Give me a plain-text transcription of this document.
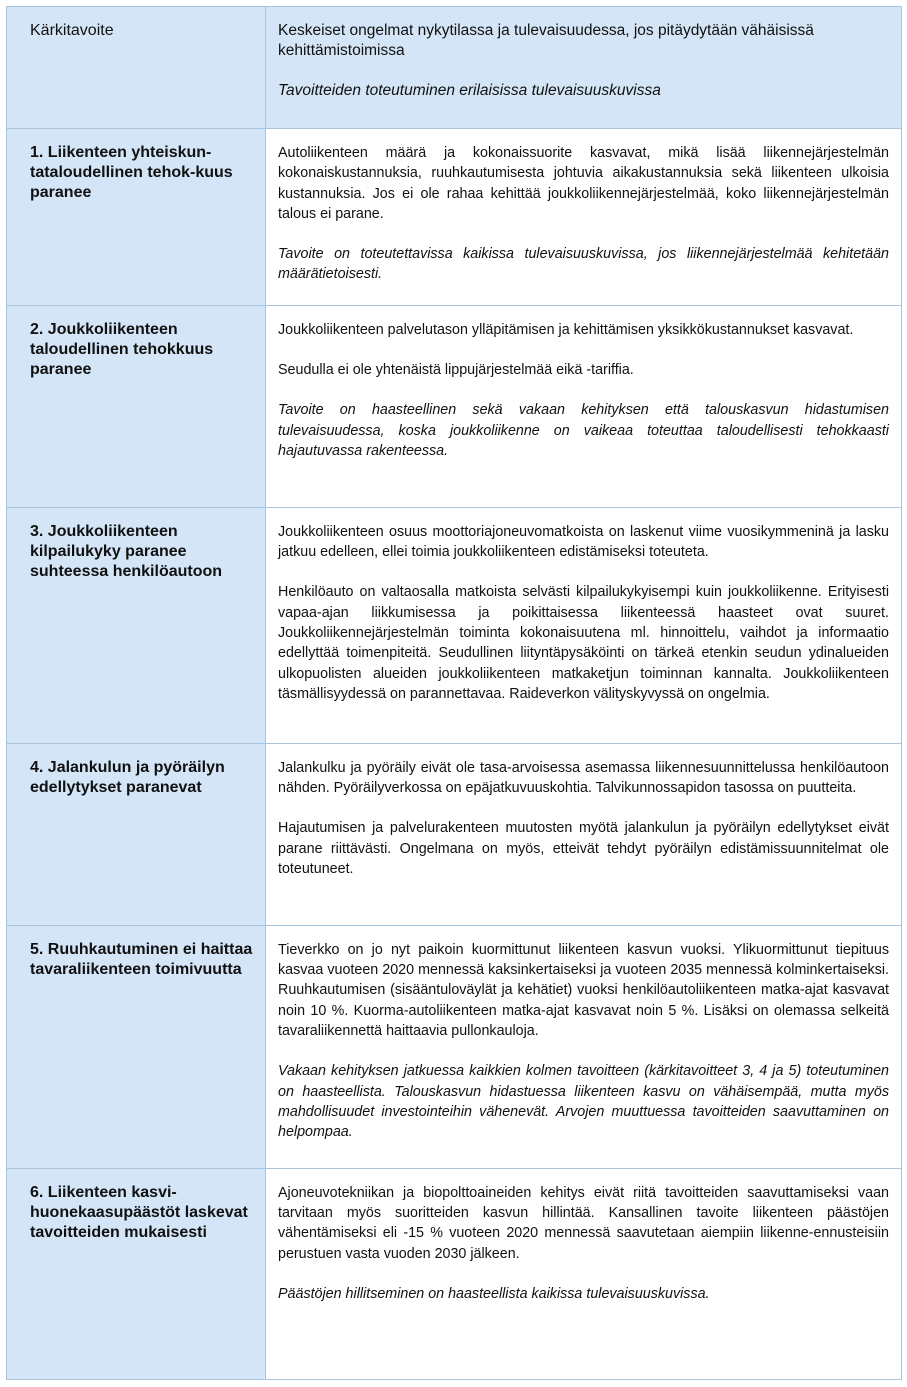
Kärkitavoite	Keskeiset ongelmat nykytilassa ja tulevaisuudessa, jos pitäydytään vähäisissä kehittämistoimissa
Tavoitteiden toteutuminen erilaisissa tulevaisuuskuvissa

1. Liikenteen yhteiskun-tataloudellinen tehok-kuus paranee	Autoliikenteen määrä ja kokonaissuorite kasvavat, mikä lisää liikennejärjestelmän kokonaiskustannuksia, ruuhkautumisesta johtuvia aikakustannuksia sekä liikenteen ulkoisia kustannuksia. Jos ei ole rahaa kehittää joukkoliikennejärjestelmää, koko liikennejärjestelmän talous ei parane.

Tavoite on toteutettavissa kaikissa tulevaisuuskuvissa, jos liikennejärjestelmää kehitetään määrätietoisesti.

2. Joukkoliikenteen taloudellinen tehokkuus paranee	Joukkoliikenteen palvelutason ylläpitämisen ja kehittämisen yksikkökustannukset kasvavat.

Seudulla ei ole yhtenäistä lippujärjestelmää eikä -tariffia.

Tavoite on haasteellinen sekä vakaan kehityksen että talouskasvun hidastumisen tulevaisuudessa, koska joukkoliikenne on vaikeaa toteuttaa taloudellisesti tehokkaasti hajautuvassa rakenteessa.

3. Joukkoliikenteen kilpailukyky paranee suhteessa henkilöautoon	Joukkoliikenteen osuus moottoriajoneuvomatkoista on laskenut viime vuosikymmeninä ja lasku jatkuu edelleen, ellei toimia joukkoliikenteen edistämiseksi toteuteta.

Henkilöauto on valtaosalla matkoista selvästi kilpailukykyisempi kuin joukkoliikenne. Erityisesti vapaa-ajan liikkumisessa ja poikittaisessa liikenteessä haasteet ovat suuret. Joukkoliikennejärjestelmän toiminta kokonaisuutena ml. hinnoittelu, vaihdot ja informaatio edellyttää toimenpiteitä. Seudullinen liityntäpysäköinti on tärkeä etenkin seudun ydinalueiden ulkopuolisten alueiden joukkoliikenteen matkaketjun toiminnan kannalta. Joukkoliikenteen täsmällisyydessä on parannettavaa. Raideverkon välityskyvyssä on ongelmia.

4. Jalankulun ja pyöräilyn edellytykset paranevat	Jalankulku ja pyöräily eivät ole tasa-arvoisessa asemassa liikennesuunnittelussa henkilöautoon nähden. Pyöräilyverkossa on epäjatkuvuuskohtia. Talvikunnossapidon tasossa on puutteita.

Hajautumisen ja palvelurakenteen muutosten myötä jalankulun ja pyöräilyn edellytykset eivät parane riittävästi. Ongelmana on myös, etteivät tehdyt pyöräilyn edistämissuunnitelmat ole toteutuneet.

5. Ruuhkautuminen ei haittaa tavaraliikenteen toimivuutta	Tieverkko on jo nyt paikoin kuormittunut liikenteen kasvun vuoksi. Ylikuormittunut tiepituus kasvaa vuoteen 2020 mennessä kaksinkertaiseksi ja vuoteen 2035 mennessä kolminkertaiseksi. Ruuhkautumisen (sisääntuloväylät ja kehätiet) vuoksi henkilöautoliikenteen matka-ajat kasvavat noin 10 %. Kuorma-autoliikenteen matka-ajat kasvavat noin 5 %. Lisäksi on olemassa selkeitä tavaraliikennettä haittaavia pullonkauloja.

Vakaan kehityksen jatkuessa kaikkien kolmen tavoitteen (kärkitavoitteet 3, 4 ja 5) toteutuminen on haasteellista. Talouskasvun hidastuessa liikenteen kasvu on vähäisempää, mutta myös mahdollisuudet investointeihin vähenevät. Arvojen muuttuessa tavoitteiden saavuttaminen on helpompaa.

6. Liikenteen kasvi-huonekaasupäästöt laskevat tavoitteiden mukaisesti	Ajoneuvotekniikan ja biopolttoaineiden kehitys eivät riitä tavoitteiden saavuttamiseksi vaan tarvitaan myös suoritteiden kasvun hillintää. Kansallinen tavoite liikenteen päästöjen vähentämiseksi eli -15 % vuoteen 2020 mennessä saavutetaan aiempiin liikenne-ennusteisiin perustuen vasta vuoden 2030 jälkeen.

Päästöjen hillitseminen on haasteellista kaikissa tulevaisuuskuvissa.
